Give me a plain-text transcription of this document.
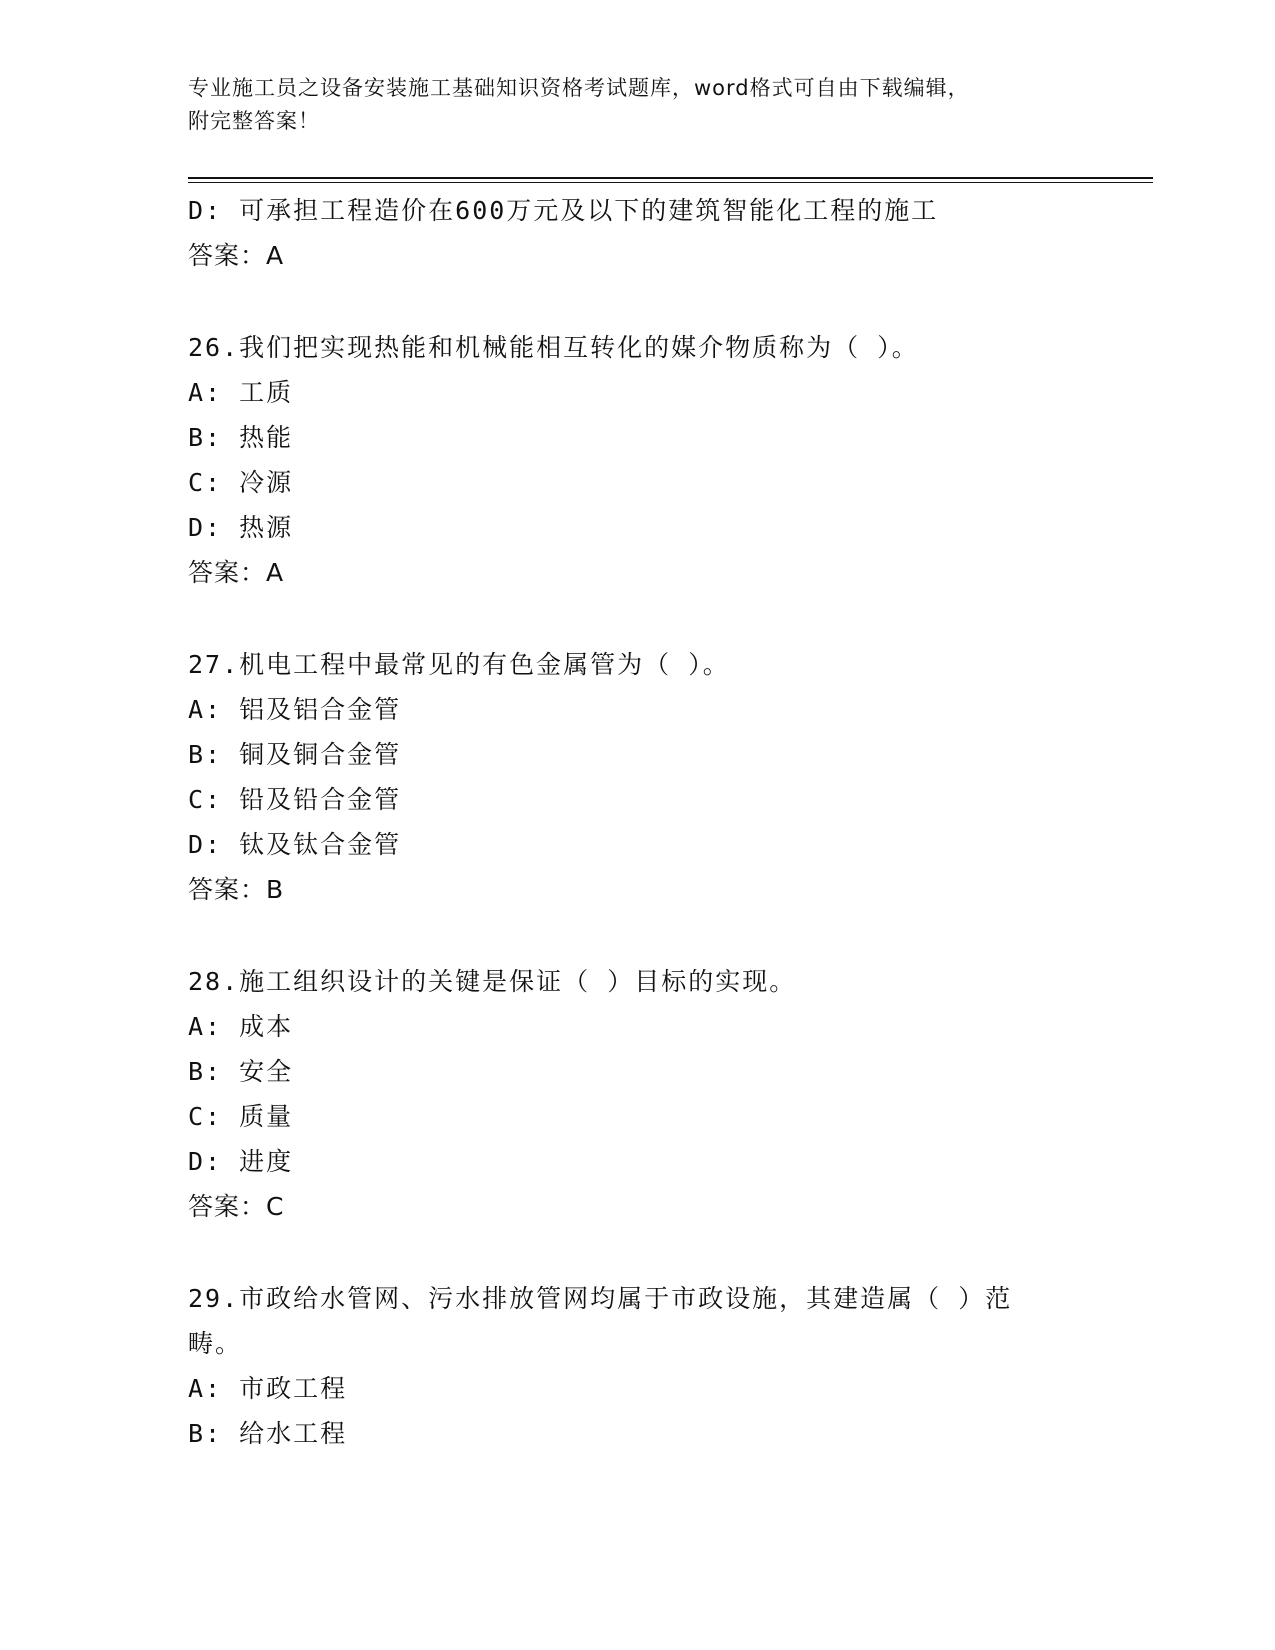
专业施工员之设备安装施工基础知识资格考试题库，word格式可自由下载编辑，
附完整答案！
D: 可承担工程造价在600万元及以下的建筑智能化工程的施工
答案：A
26.我们把实现热能和机械能相互转化的媒介物质称为（ ）。
A: 工质
B: 热能
C: 冷源
D: 热源
答案：A
27.机电工程中最常见的有色金属管为（ ）。
A: 铝及铝合金管
B: 铜及铜合金管
C: 铅及铅合金管
D: 钛及钛合金管
答案：B
28.施工组织设计的关键是保证（ ）目标的实现。
A: 成本
B: 安全
C: 质量
D: 进度
答案：C
29.市政给水管网、污水排放管网均属于市政设施，其建造属（ ）范
畴。
A: 市政工程
B: 给水工程
